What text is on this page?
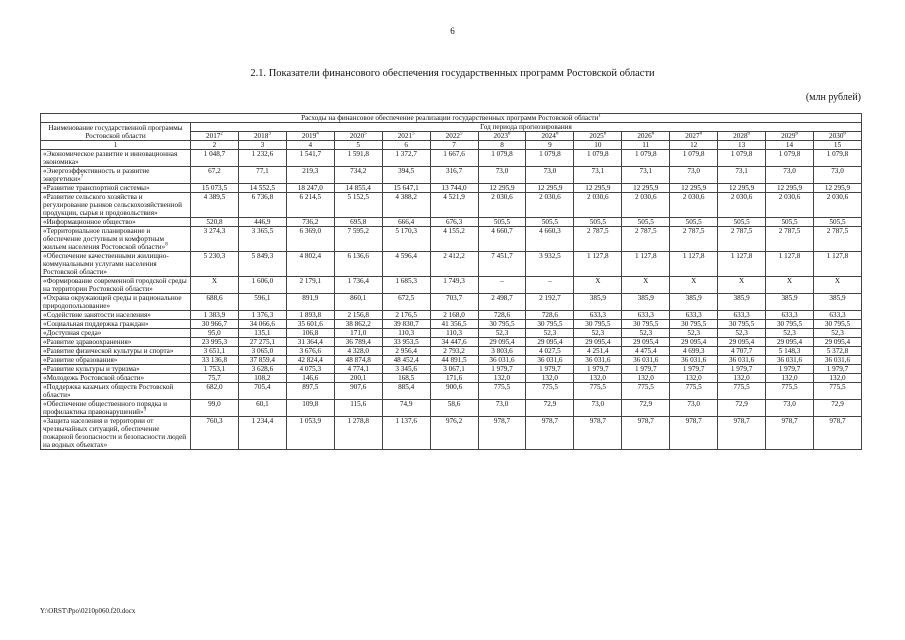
6
2.1. Показатели финансового обеспечения государственных программ Ростовской области
(млн рублей)
Расходы на финансовое обеспечение реализации государственных программ Ростовской области$^1$
Наименование государственной программы Ростовской области	Год периода прогнозирования													
	2017$^2$	2018$^3$	2019$^4$	2020$^5$	2021$^5$	2022$^5$	2023$^6$	2024$^6$	2025$^6$	2026$^6$	2027$^6$	2028$^6$	2029$^6$	2030$^6$
1	2	3	4	5	6	7	8	9	10	11	12	13	14	15
«Экономическое развитие и инновационная экономика»	1 048,7	1 232,6	1 541,7	1 591,8	1 372,7	1 667,6	1 079,8	1 079,8	1 079,8	1 079,8	1 079,8	1 079,8	1 079,8	1 079,8
«Энергоэффективность и развитие энергетики»$^7$	67,2	77,1	219,3	734,2	394,5	316,7	73,0	73,0	73,1	73,1	73,0	73,1	73,0	73,0
«Развитие транспортной системы»	15 073,5	14 552,5	18 247,0	14 855,4	15 647,1	13 744,0	12 295,9	12 295,9	12 295,9	12 295,9	12 295,9	12 295,9	12 295,9	12 295,9
«Развитие сельского хозяйства и регулирование рынков сельскохозяйственной продукции, сырья и продовольствия»	4 389,5	6 736,8	6 214,5	5 152,5	4 388,2	4 521,9	2 030,6	2 030,6	2 030,6	2 030,6	2 030,6	2 030,6	2 030,6	2 030,6
«Информационное общество»	520,8	446,9	736,2	695,8	666,4	676,3	505,5	505,5	505,5	505,5	505,5	505,5	505,5	505,5
«Территориальное планирование и обеспечение доступным и комфортным жильем населения Ростовской области»$^8$	3 274,3	3 365,5	6 369,0	7 595,2	5 170,3	4 155,2	4 660,7	4 660,3	2 787,5	2 787,5	2 787,5	2 787,5	2 787,5	2 787,5
«Обеспечение качественными жилищно-коммунальными услугами населения Ростовской области»	5 230,3	5 849,3	4 802,4	6 136,6	4 596,4	2 412,2	7 451,7	3 932,5	1 127,8	1 127,8	1 127,8	1 127,8	1 127,8	1 127,8
«Формирование современной городской среды на территории Ростовской области»	X	1 606,0	2 179,1	1 736,4	1 685,3	1 749,3	–	–	X	X	X	X	X	X
«Охрана окружающей среды и рациональное природопользование»	688,6	596,1	891,9	860,1	672,5	703,7	2 498,7	2 192,7	385,9	385,9	385,9	385,9	385,9	385,9
«Содействие занятости населения»	1 383,9	1 376,3	1 893,8	2 156,8	2 176,5	2 168,0	728,6	728,6	633,3	633,3	633,3	633,3	633,3	633,3
«Социальная поддержка граждан»	30 966,7	34 066,6	35 601,6	38 862,2	39 830,7	41 356,5	30 795,5	30 795,5	30 795,5	30 795,5	30 795,5	30 795,5	30 795,5	30 795,5
«Доступная среда»	95,0	135,1	106,8	171,0	110,3	110,3	52,3	52,3	52,3	52,3	52,3	52,3	52,3	52,3
«Развитие здравоохранения»	23 995,3	27 275,1	31 364,4	36 789,4	33 953,5	34 447,6	29 095,4	29 095,4	29 095,4	29 095,4	29 095,4	29 095,4	29 095,4	29 095,4
«Развитие физической культуры и спорта»	3 651,1	3 065,0	3 676,6	4 328,0	2 956,4	2 793,2	3 803,6	4 027,5	4 251,4	4 475,4	4 699,3	4 707,7	5 148,3	5 372,8
«Развитие образования»	33 136,8	37 859,4	42 824,4	48 874,8	48 452,4	44 891,5	36 031,6	36 031,6	36 031,6	36 031,6	36 031,6	36 031,6	36 031,6	36 031,6
«Развитие культуры и туризма»	1 753,1	3 628,6	4 075,3	4 774,1	3 345,6	3 067,1	1 979,7	1 979,7	1 979,7	1 979,7	1 979,7	1 979,7	1 979,7	1 979,7
«Молодежь Ростовской области»	75,7	108,2	146,6	200,1	168,5	171,6	132,0	132,0	132,0	132,0	132,0	132,0	132,0	132,0
«Поддержка казачьих обществ Ростовской области»	682,0	705,4	897,5	907,6	885,4	900,6	775,5	775,5	775,5	775,5	775,5	775,5	775,5	775,5
«Обеспечение общественного порядка и профилактика правонарушений»$^9$	99,0	60,1	109,8	115,6	74,9	58,6	73,0	72,9	73,0	72,9	73,0	72,9	73,0	72,9
«Защита населения и территории от чрезвычайных ситуаций, обеспечение пожарной безопасности и безопасности людей на водных объектах»	760,3	1 234,4	1 053,9	1 278,8	1 137,6	976,2	978,7	978,7	978,7	978,7	978,7	978,7	978,7	978,7
Y:\ORST\Ppo\0210p060.f20.docx
